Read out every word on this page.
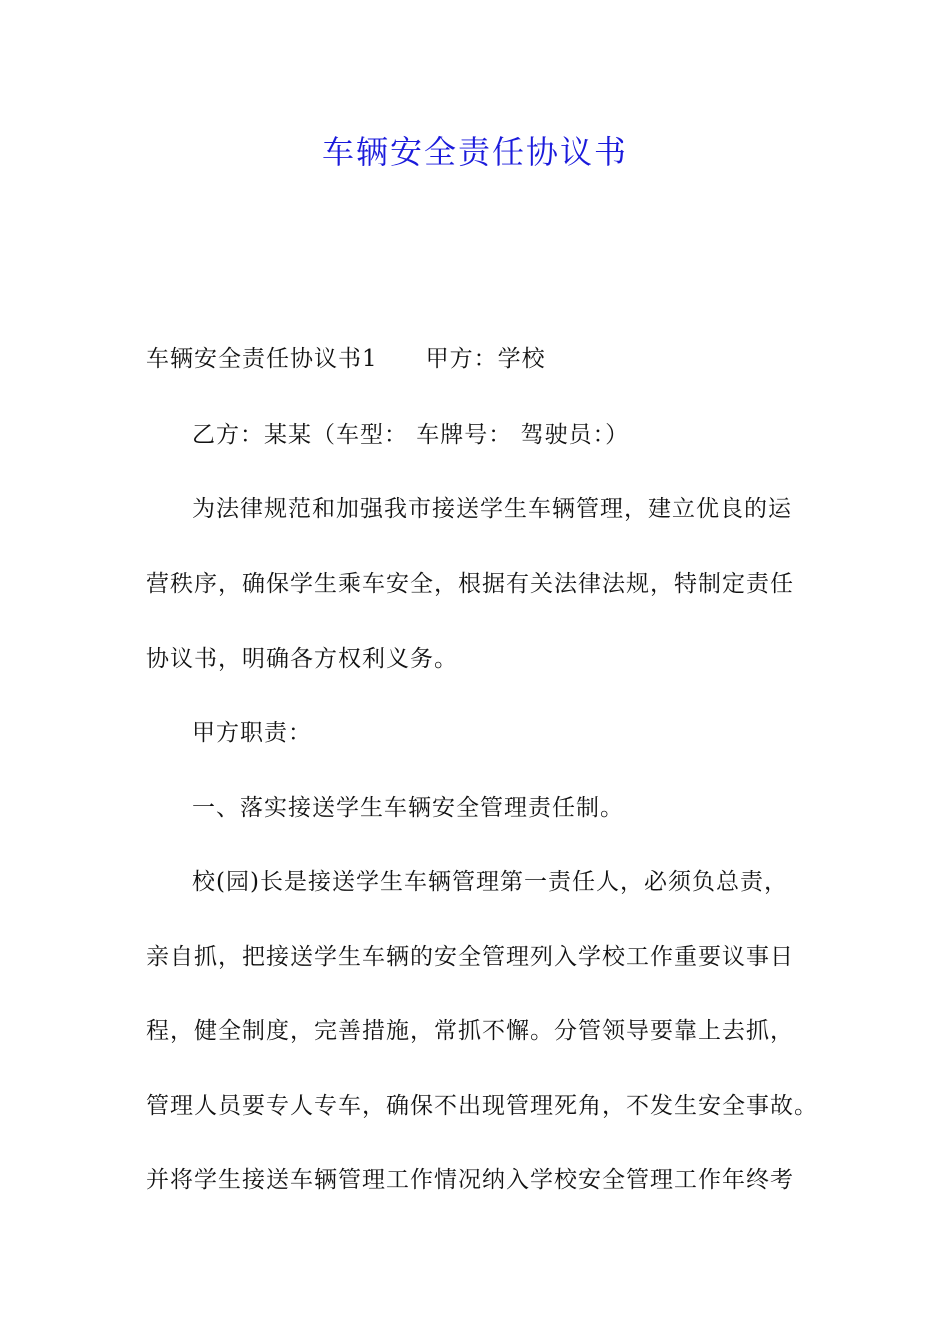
车辆安全责任协议书
车辆安全责任协议书1 甲方：学校
乙方：某某（车型： 车牌号： 驾驶员：）
为法律规范和加强我市接送学生车辆管理，建立优良的运
营秩序，确保学生乘车安全，根据有关法律法规，特制定责任
协议书，明确各方权利义务。
甲方职责：
一、落实接送学生车辆安全管理责任制。
校(园)长是接送学生车辆管理第一责任人，必须负总责，
亲自抓，把接送学生车辆的安全管理列入学校工作重要议事日
程，健全制度，完善措施，常抓不懈。分管领导要靠上去抓，
管理人员要专人专车，确保不出现管理死角，不发生安全事故。
并将学生接送车辆管理工作情况纳入学校安全管理工作年终考
